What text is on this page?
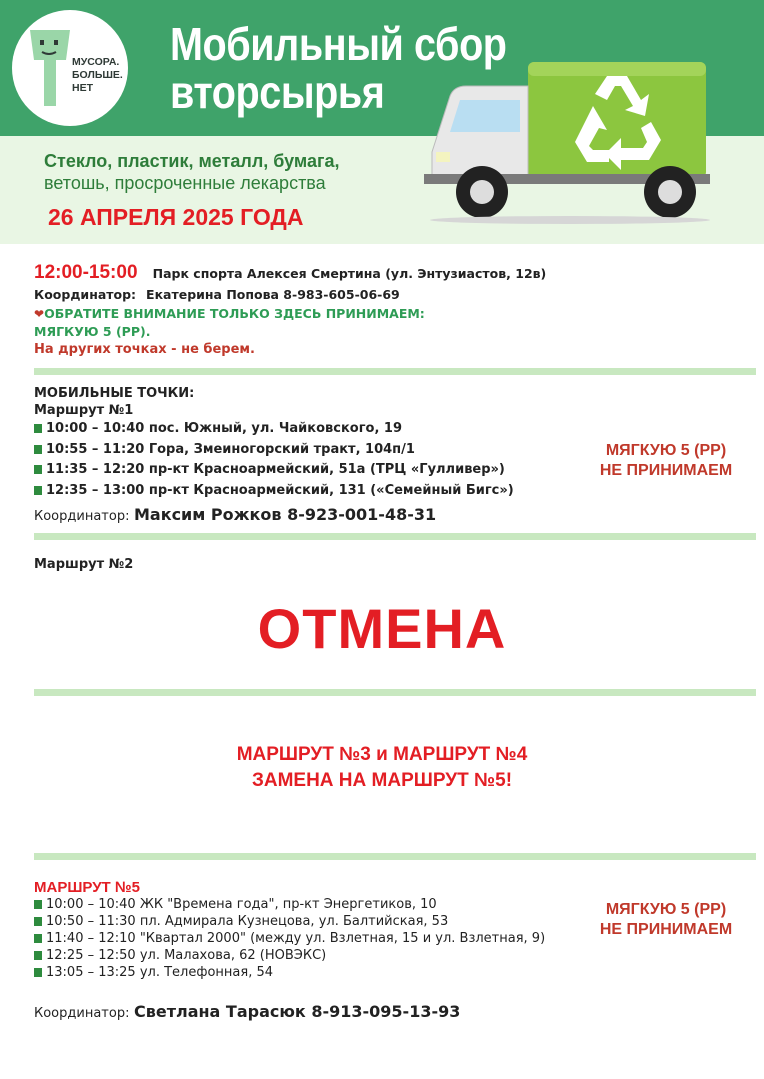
МУСОРА.
БОЛЬШЕ.
НЕТ
Мобильный сбор
вторсырья
Стекло, пластик, металл, бумага,
ветошь, просроченные лекарства
26 АПРЕЛЯ 2025 ГОДА
12:00-15:00 Парк спорта Алексея Смертина (ул. Энтузиастов, 12в)
Координатор: Екатерина Попова 8-983-605-06-69
❤ОБРАТИТЕ ВНИМАНИЕ ТОЛЬКО ЗДЕСЬ ПРИНИМАЕМ:
МЯГКУЮ 5 (РР).
На других точках - не берем.
МОБИЛЬНЫЕ ТОЧКИ:
Маршрут №1
10:00 – 10:40 пос. Южный, ул. Чайковского, 19
10:55 – 11:20 Гора, Змеиногорский тракт, 104п/1
11:35 – 12:20 пр-кт Красноармейский, 51а (ТРЦ «Гулливер»)
12:35 – 13:00 пр-кт Красноармейский, 131 («Семейный Бигс»)
МЯГКУЮ 5 (РР)
НЕ ПРИНИМАЕМ
Координатор: Максим Рожков 8-923-001-48-31
Маршрут №2
ОТМЕНА
МАРШРУТ №3 и МАРШРУТ №4
ЗАМЕНА НА МАРШРУТ №5!
МАРШРУТ №5
10:00 – 10:40 ЖК "Времена года", пр-кт Энергетиков, 10
10:50 – 11:30 пл. Адмирала Кузнецова, ул. Балтийская, 53
11:40 – 12:10 "Квартал 2000" (между ул. Взлетная, 15 и ул. Взлетная, 9)
12:25 – 12:50 ул. Малахова, 62 (НОВЭКС)
13:05 – 13:25 ул. Телефонная, 54
МЯГКУЮ 5 (РР)
НЕ ПРИНИМАЕМ
Координатор: Светлана Тарасюк 8-913-095-13-93
